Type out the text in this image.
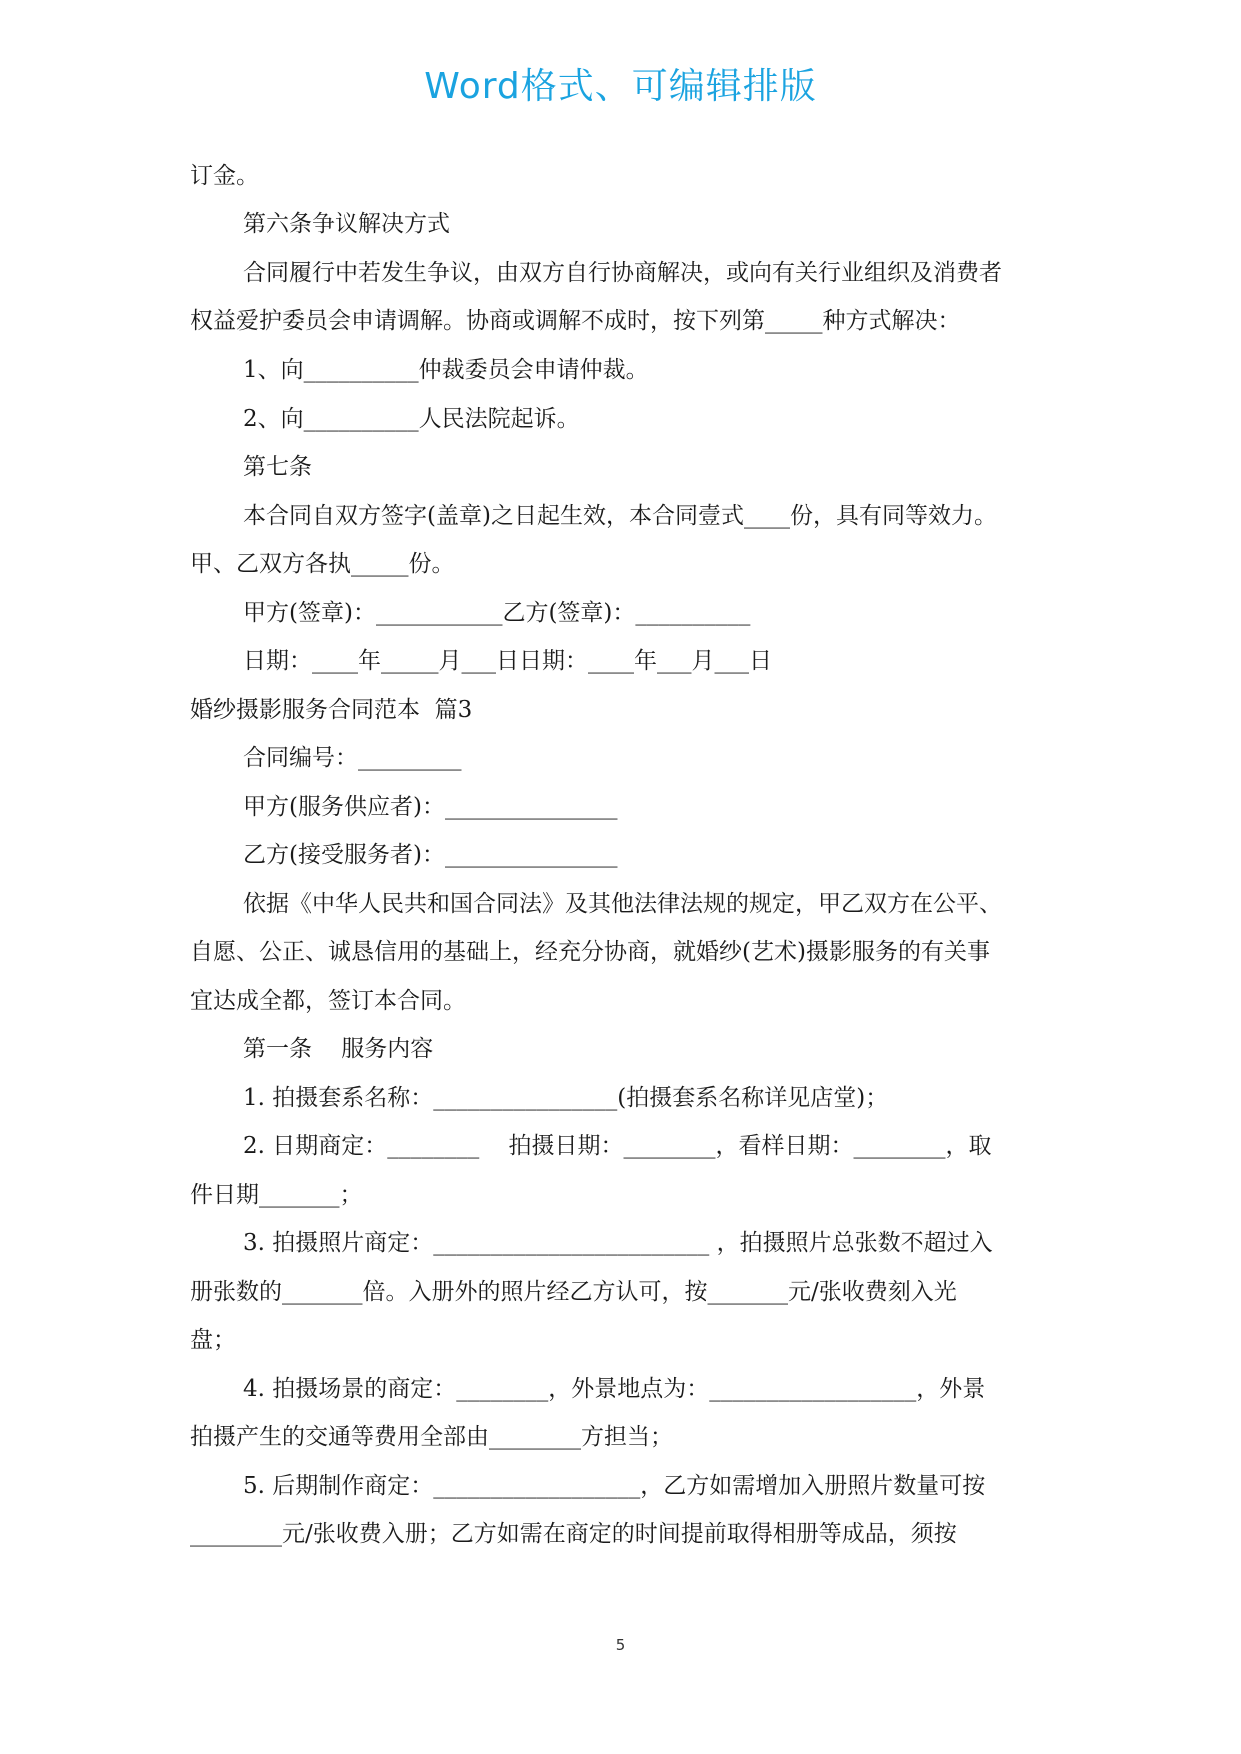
Word格式、可编辑排版
订金。
第六条争议解决方式
合同履行中若发生争议，由双方自行协商解决，或向有关行业组织及消费者
权益爱护委员会申请调解。协商或调解不成时，按下列第_____种方式解决：
1、向__________仲裁委员会申请仲裁。
2、向__________人民法院起诉。
第七条
本合同自双方签字(盖章)之日起生效，本合同壹式____份，具有同等效力。
甲、乙双方各执_____份。
甲方(签章)：___________乙方(签章)：__________
日期：____年_____月___日日期：____年___月___日
婚纱摄影服务合同范本  篇3
合同编号：_________
甲方(服务供应者)：_______________
乙方(接受服务者)：_______________
依据《中华人民共和国合同法》及其他法律法规的规定，甲乙双方在公平、
自愿、公正、诚恳信用的基础上，经充分协商，就婚纱(艺术)摄影服务的有关事
宜达成全都，签订本合同。
第一条    服务内容
1. 拍摄套系名称：________________(拍摄套系名称详见店堂)；
2. 日期商定：________    拍摄日期：________，看样日期：________，取
件日期_______；
3. 拍摄照片商定：________________________ ，拍摄照片总张数不超过入
册张数的_______倍。入册外的照片经乙方认可，按_______元/张收费刻入光
盘；
4. 拍摄场景的商定：________，外景地点为：__________________，外景
拍摄产生的交通等费用全部由________方担当；
5. 后期制作商定：__________________，乙方如需增加入册照片数量可按
________元/张收费入册；乙方如需在商定的时间提前取得相册等成品，须按
5
